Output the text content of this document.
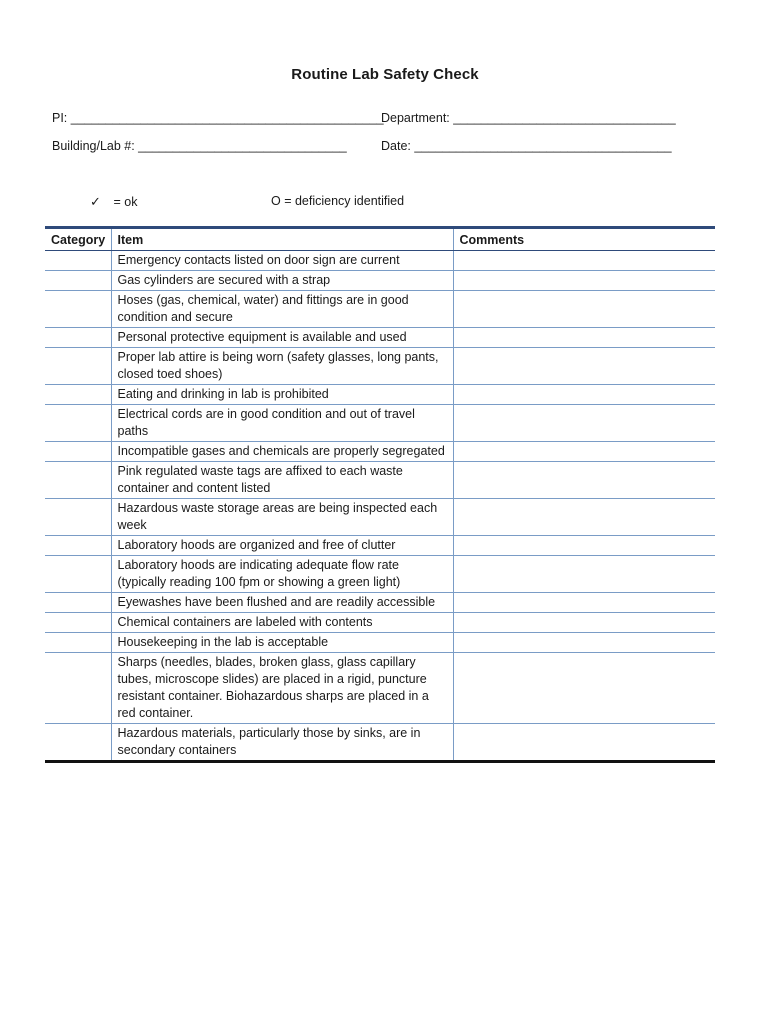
Routine Lab Safety Check
PI: _____________________________________________
Department: ________________________________
Building/Lab #: ______________________________	Date: _____________________________________
✓ = ok	O = deficiency identified
Category	Item	Comments
	Emergency contacts listed on door sign are current	
	Gas cylinders are secured with a strap	
	Hoses (gas, chemical, water) and fittings are in good condition and secure	
	Personal protective equipment is available and used	
	Proper lab attire is being worn (safety glasses, long pants, closed toed shoes)	
	Eating and drinking in lab is prohibited	
	Electrical cords are in good condition and out of travel paths	
	Incompatible gases and chemicals are properly segregated	
	Pink regulated waste tags are affixed to each waste container and content listed	
	Hazardous waste storage areas are being inspected each week	
	Laboratory hoods are organized and free of clutter	
	Laboratory hoods are indicating adequate flow rate (typically reading 100 fpm or showing a green light)	
	Eyewashes have been flushed and are readily accessible	
	Chemical containers are labeled with contents	
	Housekeeping in the lab is acceptable	
	Sharps (needles, blades, broken glass, glass capillary tubes, microscope slides) are placed in a rigid, puncture resistant container. Biohazardous sharps are placed in a red container.	
	Hazardous materials, particularly those by sinks, are in secondary containers	
